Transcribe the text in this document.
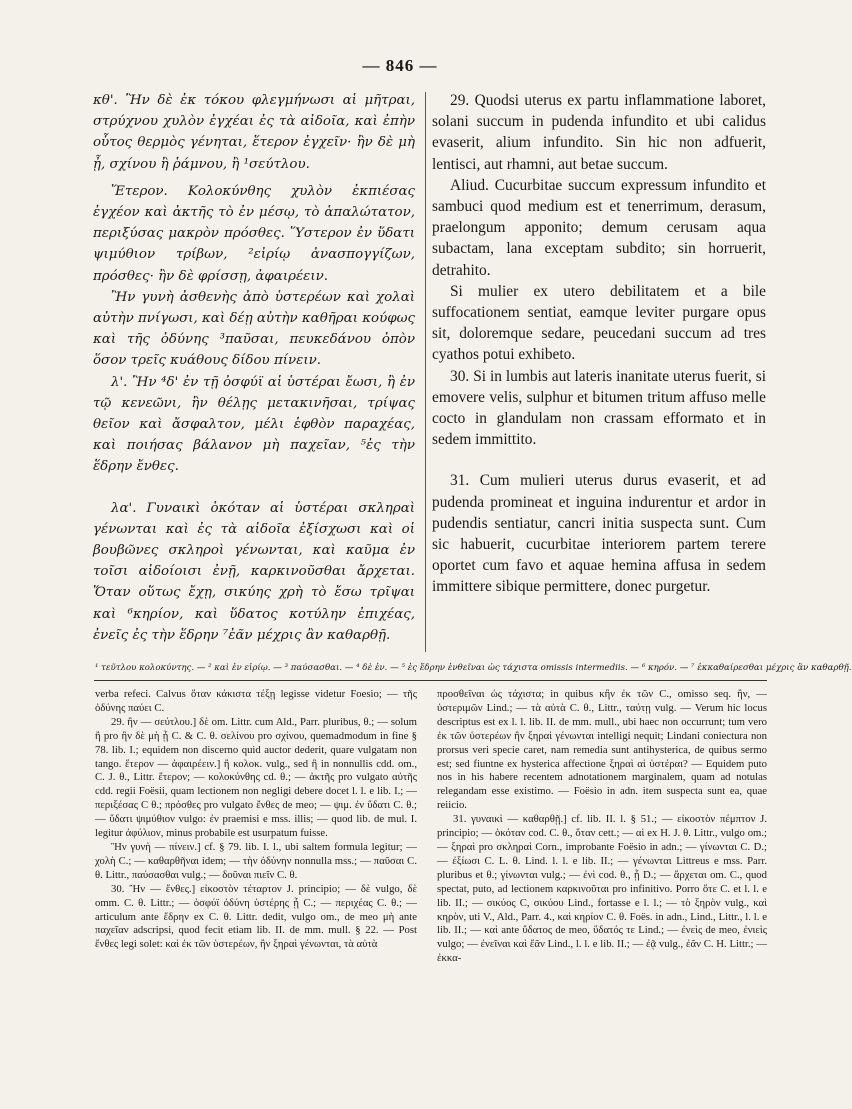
— 846 —

κθ'. Ἢν δὲ ἐκ τόκου φλεγμήνωσι αἱ μῆτραι, στρύχνου χυλὸν ἐγχέαι ἐς τὰ αἰδοῖα, καὶ ἐπὴν οὗτος θερμὸς γένηται, ἕτερον ἐγχεῖν· ἢν δὲ μὴ ᾖ, σχίνου ἢ ῥάμνου, ἢ ¹σεύτλου.

Ἕτερον. Κολοκύνθης χυλὸν ἐκπιέσας ἐγχέον καὶ ἀκτῆς τὸ ἐν μέσῳ, τὸ ἁπαλώτατον, περιξύσας μακρὸν πρόσθες. Ὕστερον ἐν ὕδατι ψιμύθιον τρίβων, ²εἰρίῳ ἀνασπογγίζων, πρόσθες· ἢν δὲ φρίσσῃ, ἀφαιρέειν.

Ἢν γυνὴ ἀσθενὴς ἀπὸ ὑστερέων καὶ χολαὶ αὐτὴν πνίγωσι, καὶ δέῃ αὐτὴν καθῆραι κούφως καὶ τῆς ὀδύνης ³παῦσαι, πευκεδάνου ὀπὸν ὅσον τρεῖς κυάθους δίδου πίνειν.

λ'. Ἢν ⁴δ' ἐν τῇ ὀσφύϊ αἱ ὑστέραι ἔωσι, ἢ ἐν τῷ κενεῶνι, ἢν θέλῃς μετακινῆσαι, τρίψας θεῖον καὶ ἄσφαλτον, μέλι ἑφθὸν παραχέας, καὶ ποιήσας βάλανον μὴ παχεῖαν, ⁵ἐς τὴν ἕδρην ἔνθες.

λα'. Γυναικὶ ὁκόταν αἱ ὑστέραι σκληραὶ γένωνται καὶ ἐς τὰ αἰδοῖα ἐξίσχωσι καὶ οἱ βουβῶνες σκληροὶ γένωνται, καὶ καῦμα ἐν τοῖσι αἰδοίοισι ἐνῇ, καρκινοῦσθαι ἄρχεται. Ὅταν οὕτως ἔχῃ, σικύης χρὴ τὸ ἔσω τρῖψαι καὶ ⁶κηρίον, καὶ ὕδατος κοτύλην ἐπιχέας, ἐνεῖς ἐς τὴν ἕδρην ⁷ἐᾶν μέχρις ἂν καθαρθῇ.

29. Quodsi uterus ex partu inflammatione laboret, solani succum in pudenda infundito et ubi calidus evaserit, alium infundito. Sin hic non adfuerit, lentisci, aut rhamni, aut betae succum.

Aliud. Cucurbitae succum expressum infundito et sambuci quod medium est et tenerrimum, derasum, praelongum apponito; demum cerusam aqua subactam, lana exceptam subdito; sin horruerit, detrahito.

Si mulier ex utero debilitatem et a bile suffocationem sentiat, eamque leviter purgare opus sit, doloremque sedare, peucedani succum ad tres cyathos potui exhibeto.

30. Si in lumbis aut lateris inanitate uterus fuerit, si emovere velis, sulphur et bitumen tritum affuso melle cocto in glandulam non crassam efformato et in sedem immittito.

31. Cum mulieri uterus durus evaserit, et ad pudenda promineat et inguina indurentur et ardor in pudendis sentiatur, cancri initia suspecta sunt. Cum sic habuerit, cucurbitae interiorem partem terere oportet cum favo et aquae hemina affusa in sedem immittere sibique permittere, donec purgetur.

¹ τεῦτλου κολοκύντης. — ² καὶ ἐν εἰρίῳ. — ³ παύσασθαι. — ⁴ δὲ ἐν. — ⁵ ἐς ἕδρην ἐνθεῖναι ὡς τάχιστα omissis intermediis. — ⁶ κηρόν. — ⁷ ἐκκαθαίρεσθαι μέχρις ἂν καθαρθῇ.

verba refeci. Calvus ὅταν κάκιστα τέξῃ legisse videtur Foesio; — τῆς ὀδύνης παύει C.

29. ἢν — σεύτλου.] δὲ om. Littr. cum Ald., Parr. pluribus, θ.; — solum ἢ pro ἢν δὲ μὴ ᾖ C. & C. θ. σελίνου pro σχίνου, quemadmodum in fine § 78. lib. I.; equidem non discerno quid auctor dederit, quare vulgatam non tango. ἕτερον — ἀφαιρέειν.] ἢ κολοκ. vulg., sed ἢ in nonnullis cdd. om., C. J. θ., Littr. ἕτερον; — κολοκύνθης cd. θ.; — ἀκτῆς pro vulgato αὐτῆς cdd. regii Foësii, quam lectionem non negligi debere docet l. l. e lib. I.; — περιξέσας C θ.; πρόσθες pro vulgato ἔνθες de meo; — ψιμ. ἐν ὕδατι C. θ.; — ὕδατι ψιμύθιον vulgo: ἐν praemisi e mss. illis; — quod lib. de mul. I. legitur ἀφύλιον, minus probabile est usurpatum fuisse.

Ἢν γυνὴ — πίνειν.] cf. § 79. lib. I. l., ubi saltem formula legitur; — χολὴ C.; — καθαρθῆναι idem; — τὴν ὀδύνην nonnulla mss.; — παῦσαι C. θ. Littr., παύσασθαι vulg.; — δοῦναι πιεῖν C. θ.

30. Ἢν — ἔνθες.] εἰκοστὸν τέταρτον J. principio; — δὲ vulgo, δὲ omm. C. θ. Littr.; — ὀσφύϊ ὀδύνη ὑστέρης ᾖ C.; — περιχέας C. θ.; — articulum ante ἕδρην ex C. θ. Littr. dedit, vulgo om., de meo μὴ ante παχεῖαν adscripsi, quod fecit etiam lib. II. de mm. mull. § 22. — Post ἔνθες legi solet: καὶ ἐκ τῶν ὑστερέων, ἢν ξηραὶ γένωνται, τὰ αὐτὰ

προσθεῖναι ὡς τάχιστα; in quibus κἢν ἐκ τῶν C., omisso seq. ἢν, — ὑστεριμῶν Lind.; — τὰ αὐτὰ C. θ., Littr., ταύτῃ vulg. — Verum hic locus descriptus est ex l. l. lib. II. de mm. mull., ubi haec non occurrunt; tum vero ἐκ τῶν ὑστερέων ἢν ξηραὶ γένωνται intelligi nequit; Lindani coniectura non prorsus veri specie caret, nam remedia sunt antihysterica, de quibus sermo est; sed fiuntne ex hysterica affectione ξηραὶ αἱ ὑστέραι? — Equidem puto nos in his habere recentem adnotationem marginalem, quam ad notulas relegandam esse existimo. — Foësio in adn. item suspecta sunt ea, quae reiicio.

31. γυναικὶ — καθαρθῇ.] cf. lib. II. l. § 51.; — εἰκοστὸν πέμπτον J. principio; — ὁκόταν cod. C. θ., ὅταν cett.; — αἱ ex H. J. θ. Littr., vulgo om.; — ξηραὶ pro σκληραὶ Corn., improbante Foësio in adn.; — γίνωνται C. D.; — ἐξίωσι C. L. θ. Lind. l. l. e lib. II.; — γένωνται Littreus e mss. Parr. pluribus et θ.; γίνωνται vulg.; — ἐνὶ cod. θ., ᾖ D.; — ἄρχεται om. C., quod spectat, puto, ad lectionem καρκινοῦται pro infinitivo. Porro ὅτε C. et l. l. e lib. II.; — σικύος C, σικύου Lind., fortasse e l. l.; — τὸ ξηρὸν vulg., καὶ κηρὸν, uti V., Ald., Parr. 4., καὶ κηρίον C. θ. Foës. in adn., Lind., Littr., l. l. e lib. II.; — καὶ ante ὕδατος de meo, ὕδατός τε Lind.; — ἐνεὶς de meo, ἐνιεὶς vulgo; — ἐνεῖναι καὶ ἔᾶν Lind., l. l. e lib. II.; — ἐᾷ vulg., ἐᾶν C. H. Littr.; — ἐκκα-
